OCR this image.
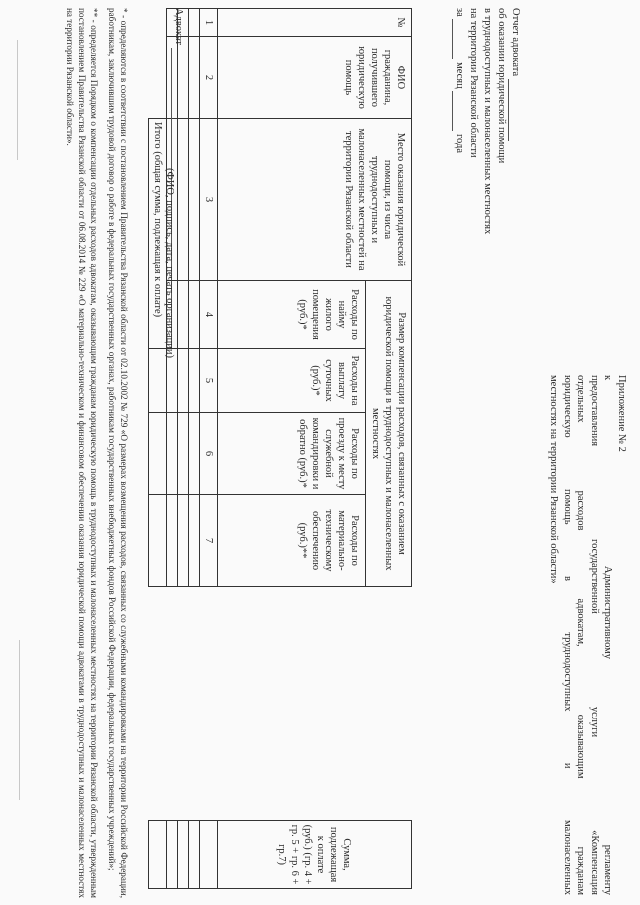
Приложение № 2
к Административному регламенту
предоставления государственной услуги «Компенсация
отдельных расходов адвокатам, оказывающим гражданам
юридическую помощь в труднодоступных и малонаселенных
местностях на территории Рязанской области»
Отчет адвоката
об оказании юридической помощи
в труднодоступных и малонаселенных местностях
на территории Рязанской области
за  месяц  года
№	ФИО гражданина, получившего юридическую помощь	Место оказания юридической помощи, из числа труднодоступных и малонаселенных местностей на территории Рязанской области	Размер компенсации расходов, связанных с оказанием юридической помощи в труднодоступных и малонаселенных местностях					Сумма, подлежащая к оплате (руб.) (гр. 4 + гр. 5 + гр. 6 + гр.7)
			Расходы по найму жилого помещения (руб.)*	Расходы на выплату суточных (руб.)*	Расходы по проезду к месту служебной командировки и обратно (руб.)*	Расходы по материально-техническому обеспечению (руб.)**		
1	2	3	4	5	6	7		

		Итого (общая сумма, подлежащая к оплате)						
Адвокат
(ФИО, подпись, дата, печать организации)

* - определяются в соответствии с постановлением Правительства Рязанской области от 02.10.2002 № 729 «О размерах возмещения расходов, связанных со служебными командировками на территории Российской Федерации, работникам, заключившим трудовой договор о работе в федеральных государственных органах, работникам государственных внебюджетных фондов Российской Федерации, федеральных государственных учреждений»;

** - определяется Порядком о компенсации отдельных расходов адвокатам, оказывающим гражданам юридическую помощь в труднодоступных и малонаселенных местностях на территории Рязанской области, утвержденным постановлением Правительства Рязанской области от 06.08.2014 № 229 «О материально-техническом и финансовом обеспечении оказания юридической помощи адвокатами в труднодоступных и малонаселенных местностях на территории Рязанской области».
